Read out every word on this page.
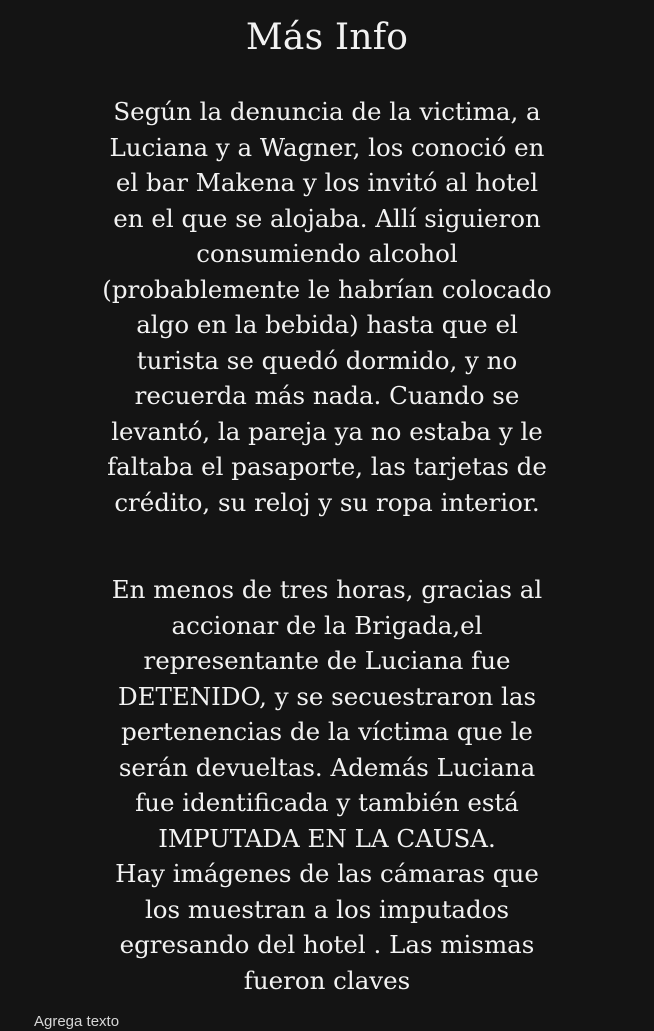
Más Info
Según la denuncia de la victima, a
Luciana y a Wagner, los conoció en
el bar Makena y los invitó al hotel
en el que se alojaba. Allí siguieron
consumiendo alcohol
(probablemente le habrían colocado
algo en la bebida) hasta que el
turista se quedó dormido, y no
recuerda más nada. Cuando se
levantó, la pareja ya no estaba y le
faltaba el pasaporte, las tarjetas de
crédito, su reloj y su ropa interior.
En menos de tres horas, gracias al
accionar de la Brigada,el
representante de Luciana fue
DETENIDO, y se secuestraron las
pertenencias de la víctima que le
serán devueltas. Además Luciana
fue identificada y también está
IMPUTADA EN LA CAUSA.
Hay imágenes de las cámaras que
los muestran a los imputados
egresando del hotel . Las mismas
fueron claves
Agrega texto
